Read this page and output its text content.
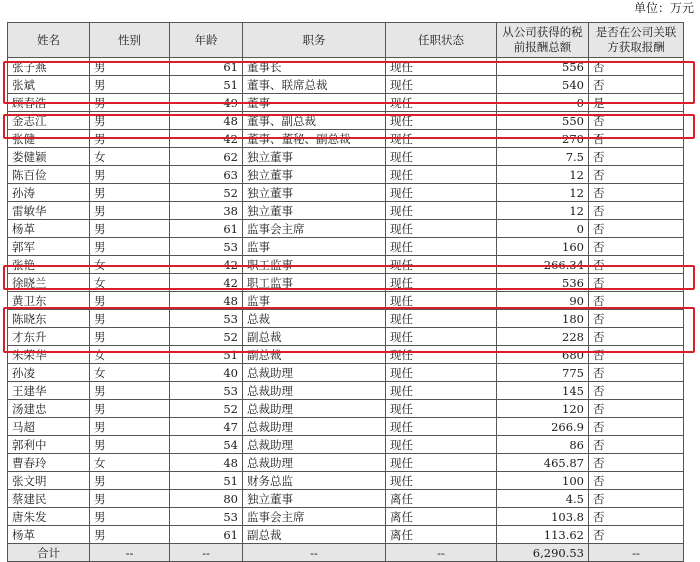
单位：万元
姓名	性别	年龄	职务	任职状态	从公司获得的税前报酬总额	是否在公司关联方获取报酬
张子燕	男	61	董事长	现任	556	否
张斌	男	51	董事、联席总裁	现任	540	否
顾春浩	男	49	董事	现任	0	是
金志江	男	48	董事、副总裁	现任	550	否
张健	男	42	董事、董秘、副总裁	现任	270	否
娄健颖	女	62	独立董事	现任	7.5	否
陈百俭	男	63	独立董事	现任	12	否
孙涛	男	52	独立董事	现任	12	否
雷敏华	男	38	独立董事	现任	12	否
杨革	男	61	监事会主席	现任	0	否
郭军	男	53	监事	现任	160	否
张艳	女	42	职工监事	现任	266.34	否
徐晓兰	女	42	职工监事	现任	536	否
黄卫东	男	48	监事	现任	90	否
陈晓东	男	53	总裁	现任	180	否
才东升	男	52	副总裁	现任	228	否
朱荣华	女	51	副总裁	现任	680	否
孙凌	女	40	总裁助理	现任	775	否
王建华	男	53	总裁助理	现任	145	否
汤建忠	男	52	总裁助理	现任	120	否
马超	男	47	总裁助理	现任	266.9	否
郭利中	男	54	总裁助理	现任	86	否
曹春玲	女	48	总裁助理	现任	465.87	否
张文明	男	51	财务总监	现任	100	否
蔡建民	男	80	独立董事	离任	4.5	否
唐朱发	男	53	监事会主席	离任	103.8	否
杨革	男	61	副总裁	离任	113.62	否
合计	--	--	--	--	6,290.53	--
